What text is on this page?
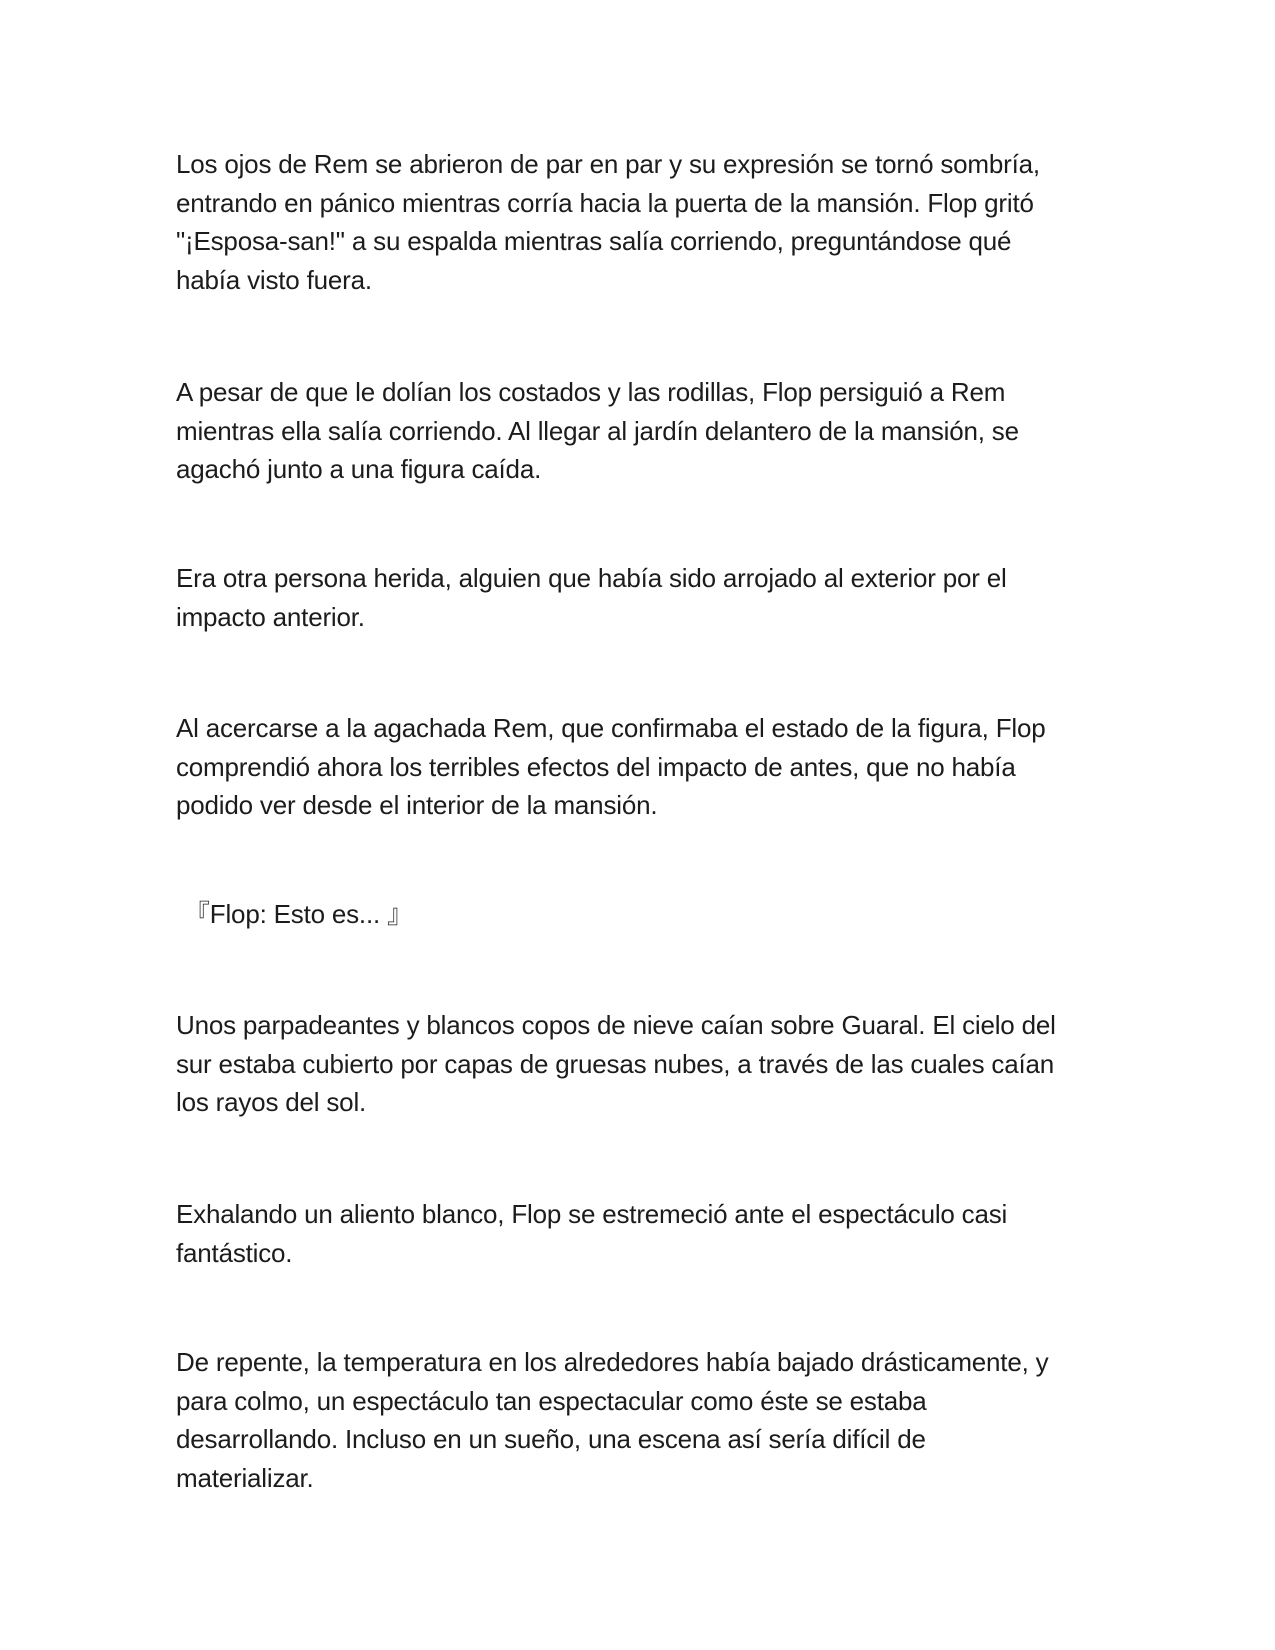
Los ojos de Rem se abrieron de par en par y su expresión se tornó sombría,
entrando en pánico mientras corría hacia la puerta de la mansión. Flop gritó
"¡Esposa-san!" a su espalda mientras salía corriendo, preguntándose qué
había visto fuera.

A pesar de que le dolían los costados y las rodillas, Flop persiguió a Rem
mientras ella salía corriendo. Al llegar al jardín delantero de la mansión, se
agachó junto a una figura caída.

Era otra persona herida, alguien que había sido arrojado al exterior por el
impacto anterior.

Al acercarse a la agachada Rem, que confirmaba el estado de la figura, Flop
comprendió ahora los terribles efectos del impacto de antes, que no había
podido ver desde el interior de la mansión.

『Flop: Esto es... 』

Unos parpadeantes y blancos copos de nieve caían sobre Guaral. El cielo del
sur estaba cubierto por capas de gruesas nubes, a través de las cuales caían
los rayos del sol.

Exhalando un aliento blanco, Flop se estremeció ante el espectáculo casi
fantástico.

De repente, la temperatura en los alrededores había bajado drásticamente, y
para colmo, un espectáculo tan espectacular como éste se estaba
desarrollando. Incluso en un sueño, una escena así sería difícil de
materializar.
